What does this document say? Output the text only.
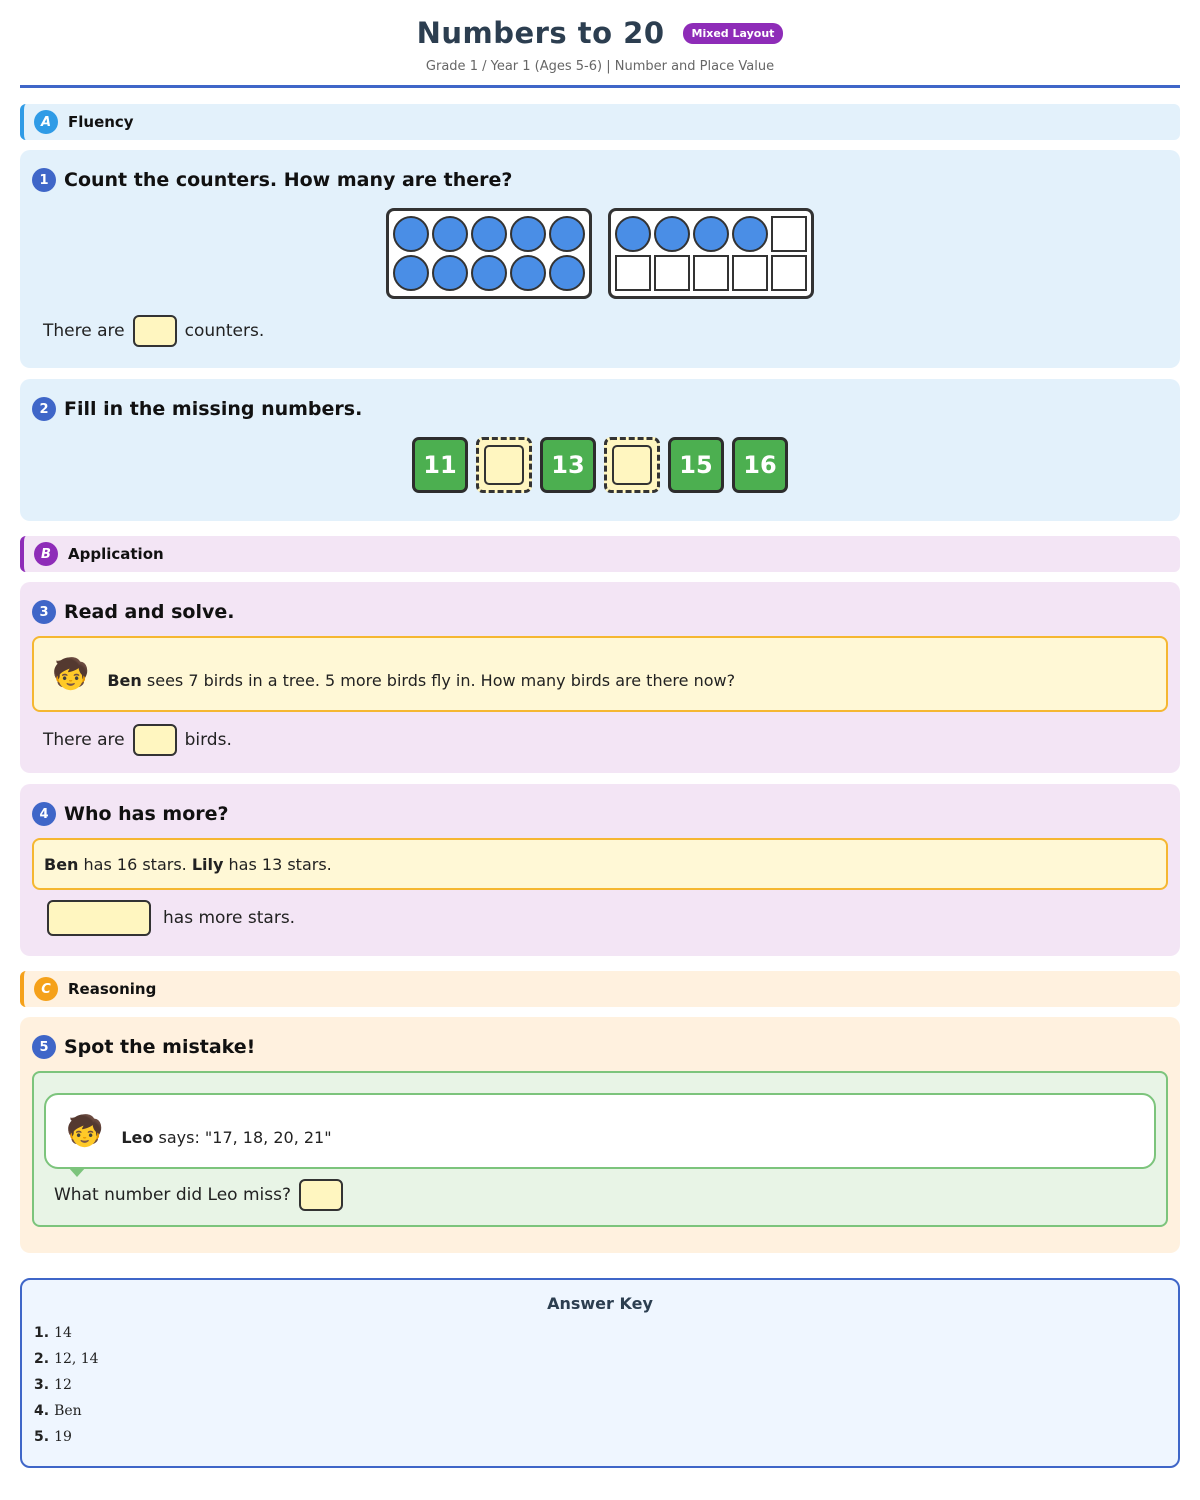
Numbers to 20	Mixed Layout
Grade 1 / Year 1 (Ages 5-6) | Number and Place Value
A	Fluency
1 Count the counters. How many are there?
There are	counters.
2 Fill in the missing numbers.
11	13	15	16
B	Application
3 Read and solve.
🧒 Ben sees 7 birds in a tree. 5 more birds fly in. How many birds are there now?
There are	birds.
4 Who has more?
Ben has 16 stars. Lily has 13 stars.
has more stars.
C	Reasoning
5 Spot the mistake!
🧒 Leo says: "17, 18, 20, 21"
What number did Leo miss?
Answer Key
1. 14
2. 12, 14
3. 12
4. Ben
5. 19
